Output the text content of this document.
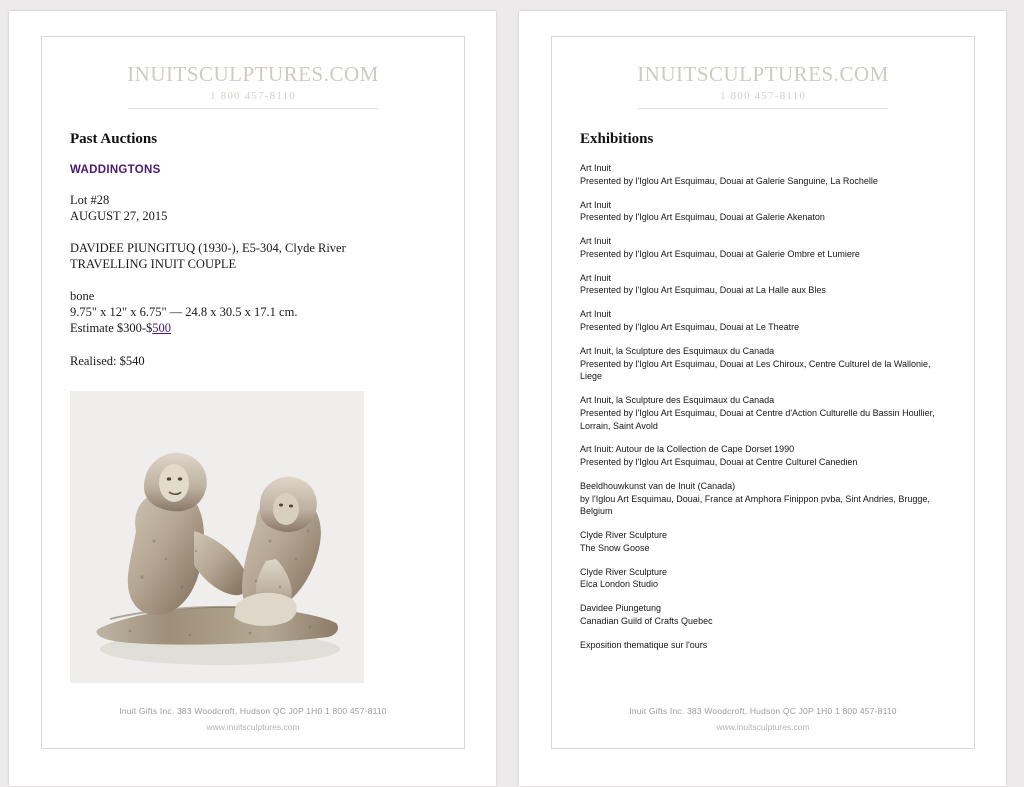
INUITSCULPTURES.COM
1 800 457-8110
Past Auctions
WADDINGTONS
Lot #28
AUGUST 27, 2015
DAVIDEE PIUNGITUQ (1930-), E5-304, Clyde River
TRAVELLING INUIT COUPLE
bone
9.75" x 12" x 6.75" — 24.8 x 30.5 x 17.1 cm.
Estimate $300-$500
Realised: $540
Inuit Gifts Inc. 383 Woodcroft, Hudson QC J0P 1H0 1 800 457-8110
www.inuitsculptures.com
INUITSCULPTURES.COM
1 800 457-8110
Exhibitions
Art Inuit
Presented by l'Iglou Art Esquimau, Douai at Galerie Sanguine, La Rochelle
Art Inuit
Presented by l'Iglou Art Esquimau, Douai at Galerie Akenaton
Art Inuit
Presented by l'Iglou Art Esquimau, Douai at Galerie Ombre et Lumiere
Art Inuit
Presented by l'Iglou Art Esquimau, Douai at La Halle aux Bles
Art Inuit
Presented by l'Iglou Art Esquimau, Douai at Le Theatre
Art Inuit, la Sculpture des Esquimaux du Canada
Presented by l'Iglou Art Esquimau, Douai at Les Chiroux, Centre Culturel de la Wallonie, Liege
Art Inuit, la Sculpture des Esquimaux du Canada
Presented by l'Iglou Art Esquimau, Douai at Centre d'Action Culturelle du Bassin Houllier, Lorrain, Saint Avold
Art Inuit: Autour de la Collection de Cape Dorset 1990
Presented by l'Iglou Art Esquimau, Douai at Centre Culturel Canedien
Beeldhouwkunst van de Inuit (Canada)
by l'Iglou Art Esquimau, Douai, France at Amphora Finippon pvba, Sint Andries, Brugge, Belgium
Clyde River Sculpture
The Snow Goose
Clyde River Sculpture
Elca London Studio
Davidee Piungetung
Canadian Guild of Crafts Quebec
Exposition thematique sur l'ours
Inuit Gifts Inc. 383 Woodcroft, Hudson QC J0P 1H0 1 800 457-8110
www.inuitsculptures.com
